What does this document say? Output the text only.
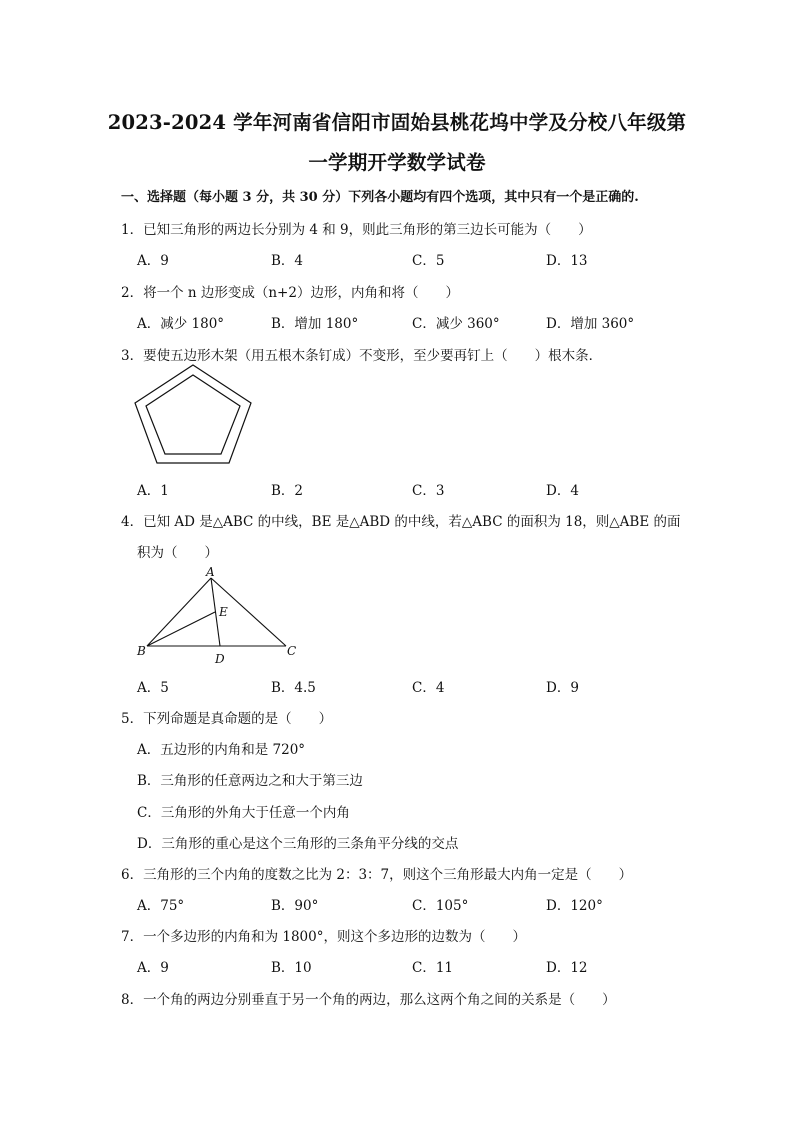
2023-2024 学年河南省信阳市固始县桃花坞中学及分校八年级第
一学期开学数学试卷
一、选择题（每小题 3 分，共 30 分）下列各小题均有四个选项，其中只有一个是正确的.
1．已知三角形的两边长分别为 4 和 9，则此三角形的第三边长可能为（　　）
A．9	B．4	C．5	D．13
2．将一个 n 边形变成（n+2）边形，内角和将（　　）
A．减少 180°	B．增加 180°	C．减少 360°	D．增加 360°
3．要使五边形木架（用五根木条钉成）不变形，至少要再钉上（　　）根木条．
A．1	B．2	C．3	D．4
4．已知 AD 是△ABC 的中线，BE 是△ABD 的中线，若△ABC 的面积为 18，则△ABE 的面
积为（　　）
A
E
B
D
C
A．5	B．4.5	C．4	D．9
5．下列命题是真命题的是（　　）
A．五边形的内角和是 720°
B．三角形的任意两边之和大于第三边
C．三角形的外角大于任意一个内角
D．三角形的重心是这个三角形的三条角平分线的交点
6．三角形的三个内角的度数之比为 2：3：7，则这个三角形最大内角一定是（　　）
A．75°	B．90°	C．105°	D．120°
7．一个多边形的内角和为 1800°，则这个多边形的边数为（　　）
A．9	B．10	C．11	D．12
8．一个角的两边分别垂直于另一个角的两边，那么这两个角之间的关系是（　　）
